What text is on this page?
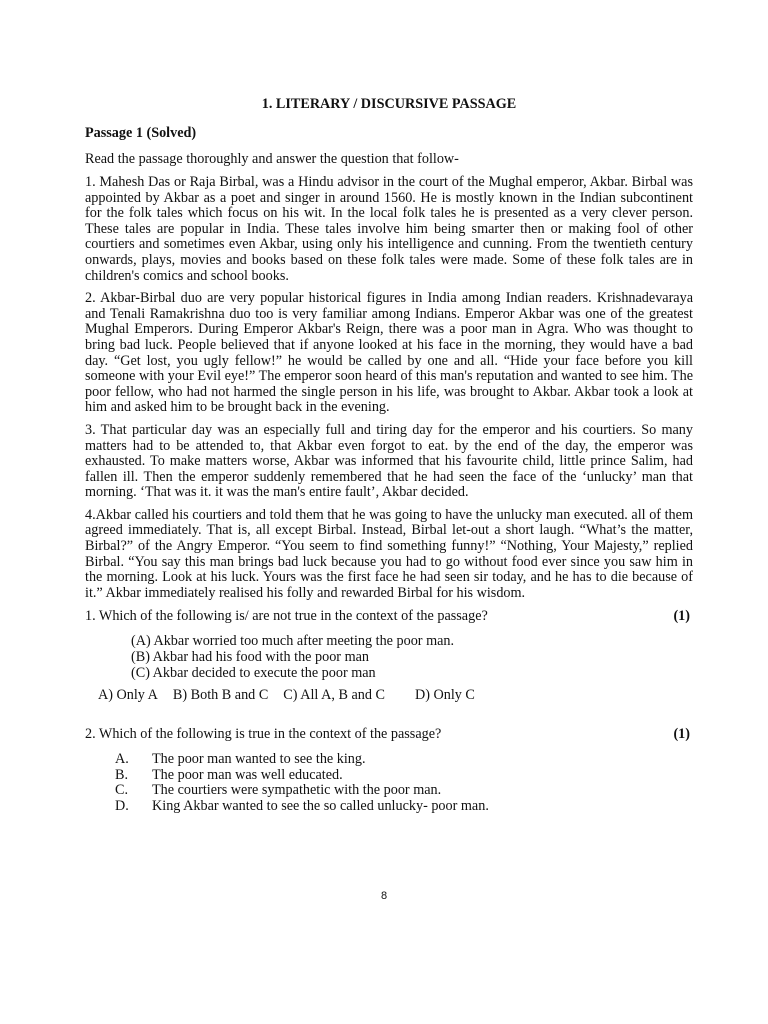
1. LITERARY / DISCURSIVE PASSAGE
Passage 1 (Solved)
Read the passage thoroughly and answer the question that follow-
1. Mahesh Das or Raja Birbal, was a Hindu advisor in the court of the Mughal emperor, Akbar. Birbal was appointed by Akbar as a poet and singer in around 1560. He is mostly known in the Indian subcontinent for the folk tales which focus on his wit. In the local folk tales he is presented as a very clever person. These tales are popular in India. These tales involve him being smarter then or making fool of other courtiers and sometimes even Akbar, using only his intelligence and cunning. From the twentieth century onwards, plays, movies and books based on these folk tales were made. Some of these folk tales are in children's comics and school books.
2. Akbar-Birbal duo are very popular historical figures in India among Indian readers. Krishnadevaraya and Tenali Ramakrishna duo too is very familiar among Indians. Emperor Akbar was one of the greatest Mughal Emperors. During Emperor Akbar's Reign, there was a poor man in Agra. Who was thought to bring bad luck. People believed that if anyone looked at his face in the morning, they would have a bad day. “Get lost, you ugly fellow!” he would be called by one and all. “Hide your face before you kill someone with your Evil eye!” The emperor soon heard of this man's reputation and wanted to see him. The poor fellow, who had not harmed the single person in his life, was brought to Akbar. Akbar took a look at him and asked him to be brought back in the evening.
3. That particular day was an especially full and tiring day for the emperor and his courtiers. So many matters had to be attended to, that Akbar even forgot to eat. by the end of the day, the emperor was exhausted. To make matters worse, Akbar was informed that his favourite child, little prince Salim, had fallen ill. Then the emperor suddenly remembered that he had seen the face of the ‘unlucky’ man that morning. ‘That was it. it was the man's entire fault’, Akbar decided.
4.Akbar called his courtiers and told them that he was going to have the unlucky man executed. all of them agreed immediately. That is, all except Birbal. Instead, Birbal let-out a short laugh. “What’s the matter, Birbal?” of the Angry Emperor. “You seem to find something funny!” “Nothing, Your Majesty,” replied Birbal. “You say this man brings bad luck because you had to go without food ever since you saw him in the morning. Look at his luck. Yours was the first face he had seen sir today, and he has to die because of it.” Akbar immediately realised his folly and rewarded Birbal for his wisdom.
1. Which of the following is/ are not true in the context of the passage?	(1)
(A) Akbar worried too much after meeting the poor man.
(B) Akbar had his food with the poor man
(C) Akbar decided to execute the poor man
A) Only A B) Both B and C C) All A, B and C D) Only C
2. Which of the following is true in the context of the passage?	(1)
A.	The poor man wanted to see the king.
B.	The poor man was well educated.
C.	The courtiers were sympathetic with the poor man.
D.	King Akbar wanted to see the so called unlucky- poor man.
8
